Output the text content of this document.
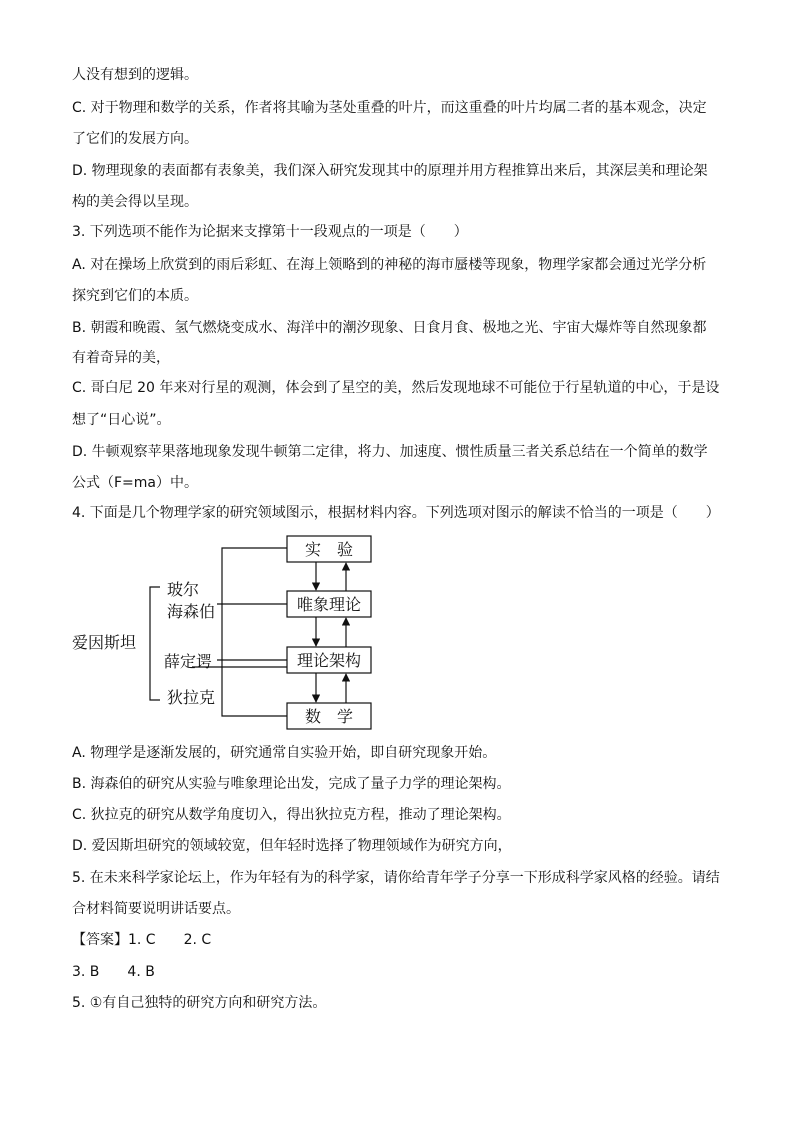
人没有想到的逻辑。
C. 对于物理和数学的关系，作者将其喻为茎处重叠的叶片，而这重叠的叶片均属二者的基本观念，决定
了它们的发展方向。
D. 物理现象的表面都有表象美，我们深入研究发现其中的原理并用方程推算出来后，其深层美和理论架
构的美会得以呈现。
3. 下列选项不能作为论据来支撑第十一段观点的一项是（　　）
A. 对在操场上欣赏到的雨后彩虹、在海上领略到的神秘的海市蜃楼等现象，物理学家都会通过光学分析
探究到它们的本质。
B. 朝霞和晚霞、氢气燃烧变成水、海洋中的潮汐现象、日食月食、极地之光、宇宙大爆炸等自然现象都
有着奇异的美，
C. 哥白尼 20 年来对行星的观测，体会到了星空的美，然后发现地球不可能位于行星轨道的中心，于是设
想了“日心说”。
D. 牛顿观察苹果落地现象发现牛顿第二定律，将力、加速度、惯性质量三者关系总结在一个简单的数学
公式（F=ma）中。
4. 下面是几个物理学家的研究领域图示，根据材料内容。下列选项对图示的解读不恰当的一项是（　　）
实　验
唯象理论
理论架构
数　学
玻尔
海森伯
薛定谔
狄拉克
爱因斯坦
A. 物理学是逐渐发展的，研究通常自实验开始，即自研究现象开始。
B. 海森伯的研究从实验与唯象理论出发，完成了量子力学的理论架构。
C. 狄拉克的研究从数学角度切入，得出狄拉克方程，推动了理论架构。
D. 爱因斯坦研究的领域较宽，但年轻时选择了物理领域作为研究方向，
5. 在未来科学家论坛上，作为年轻有为的科学家，请你给青年学子分享一下形成科学家风格的经验。请结
合材料简要说明讲话要点。
【答案】1. C　　2. C
3. B　　4. B
5. ①有自己独特的研究方向和研究方法。
